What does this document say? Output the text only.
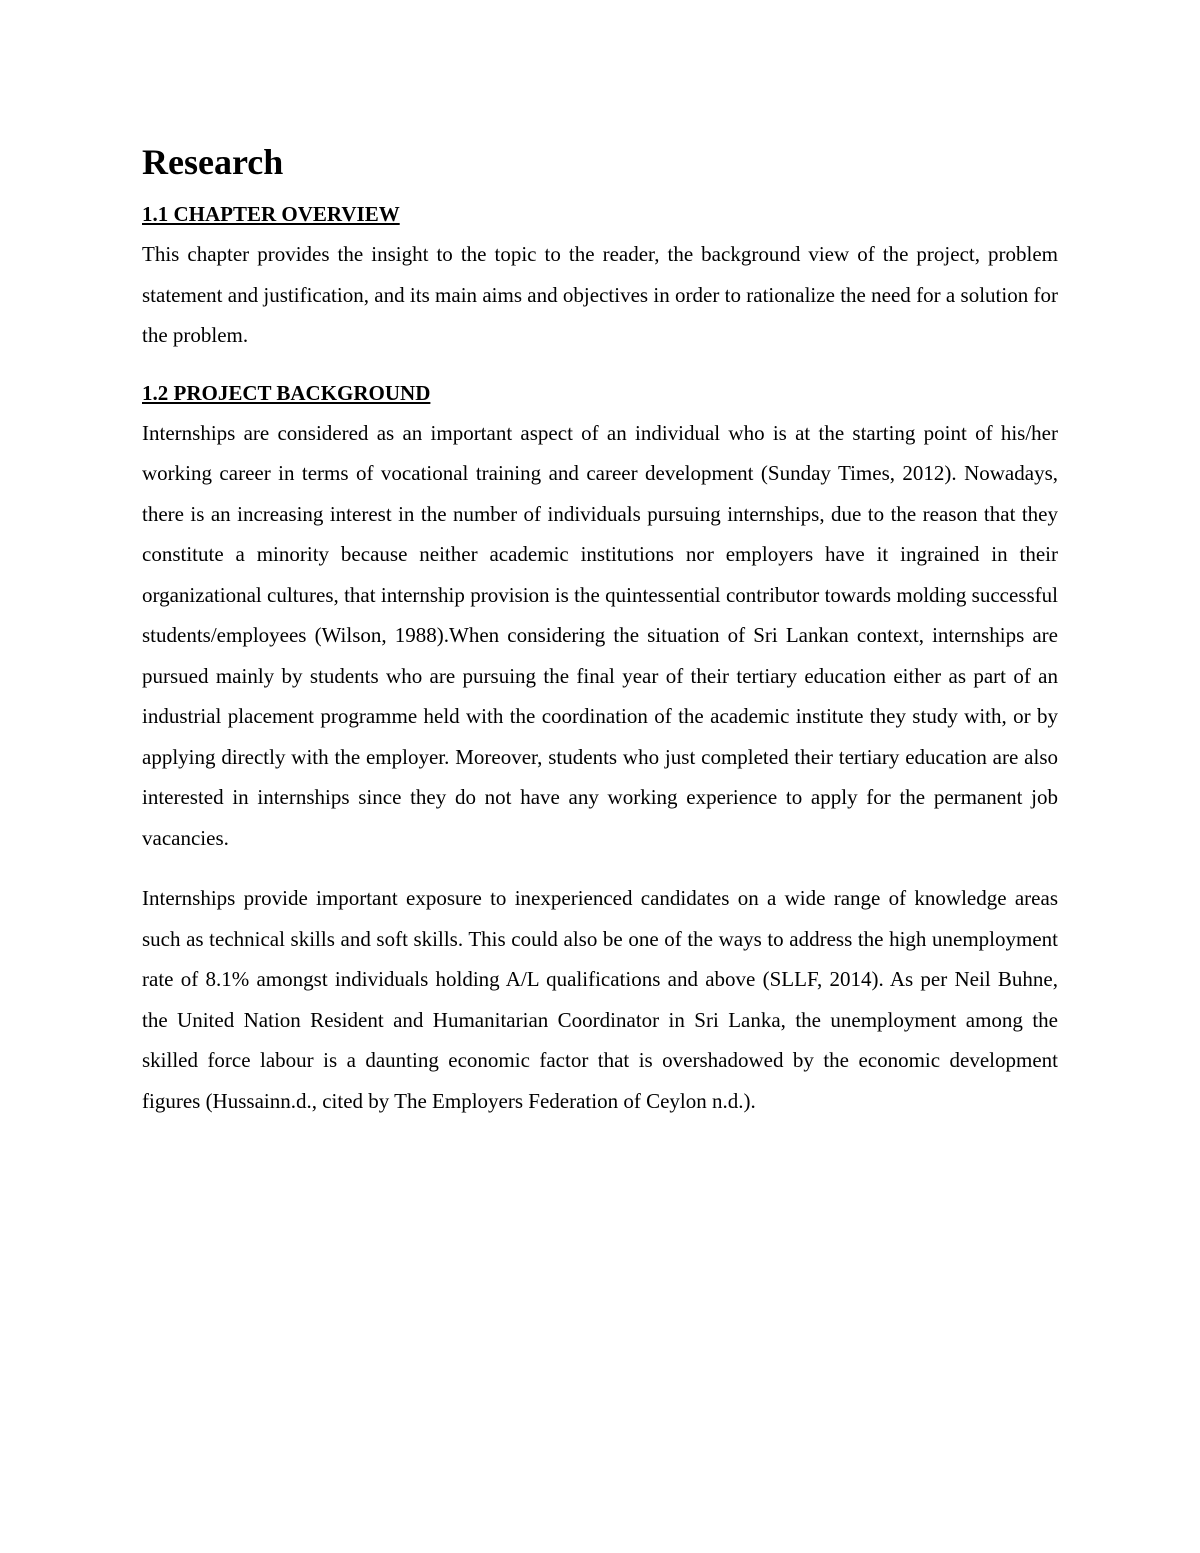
Research
1.1 CHAPTER OVERVIEW

This chapter provides the insight to the topic to the reader, the background view of the project, problem statement and justification, and its main aims and objectives in order to rationalize the need for a solution for the problem.

1.2 PROJECT BACKGROUND

Internships are considered as an important aspect of an individual who is at the starting point of his/her working career in terms of vocational training and career development (Sunday Times, 2012). Nowadays, there is an increasing interest in the number of individuals pursuing internships, due to the reason that they constitute a minority because neither academic institutions nor employers have it ingrained in their organizational cultures, that internship provision is the quintessential contributor towards molding successful students/employees (Wilson, 1988).When considering the situation of Sri Lankan context, internships are pursued mainly by students who are pursuing the final year of their tertiary education either as part of an industrial placement programme held with the coordination of the academic institute they study with, or by applying directly with the employer. Moreover, students who just completed their tertiary education are also interested in internships since they do not have any working experience to apply for the permanent job vacancies.

Internships provide important exposure to inexperienced candidates on a wide range of knowledge areas such as technical skills and soft skills. This could also be one of the ways to address the high unemployment rate of 8.1% amongst individuals holding A/L qualifications and above (SLLF, 2014). As per Neil Buhne, the United Nation Resident and Humanitarian Coordinator in Sri Lanka, the unemployment among the skilled force labour is a daunting economic factor that is overshadowed by the economic development figures (Hussainn.d., cited by The Employers Federation of Ceylon n.d.).
